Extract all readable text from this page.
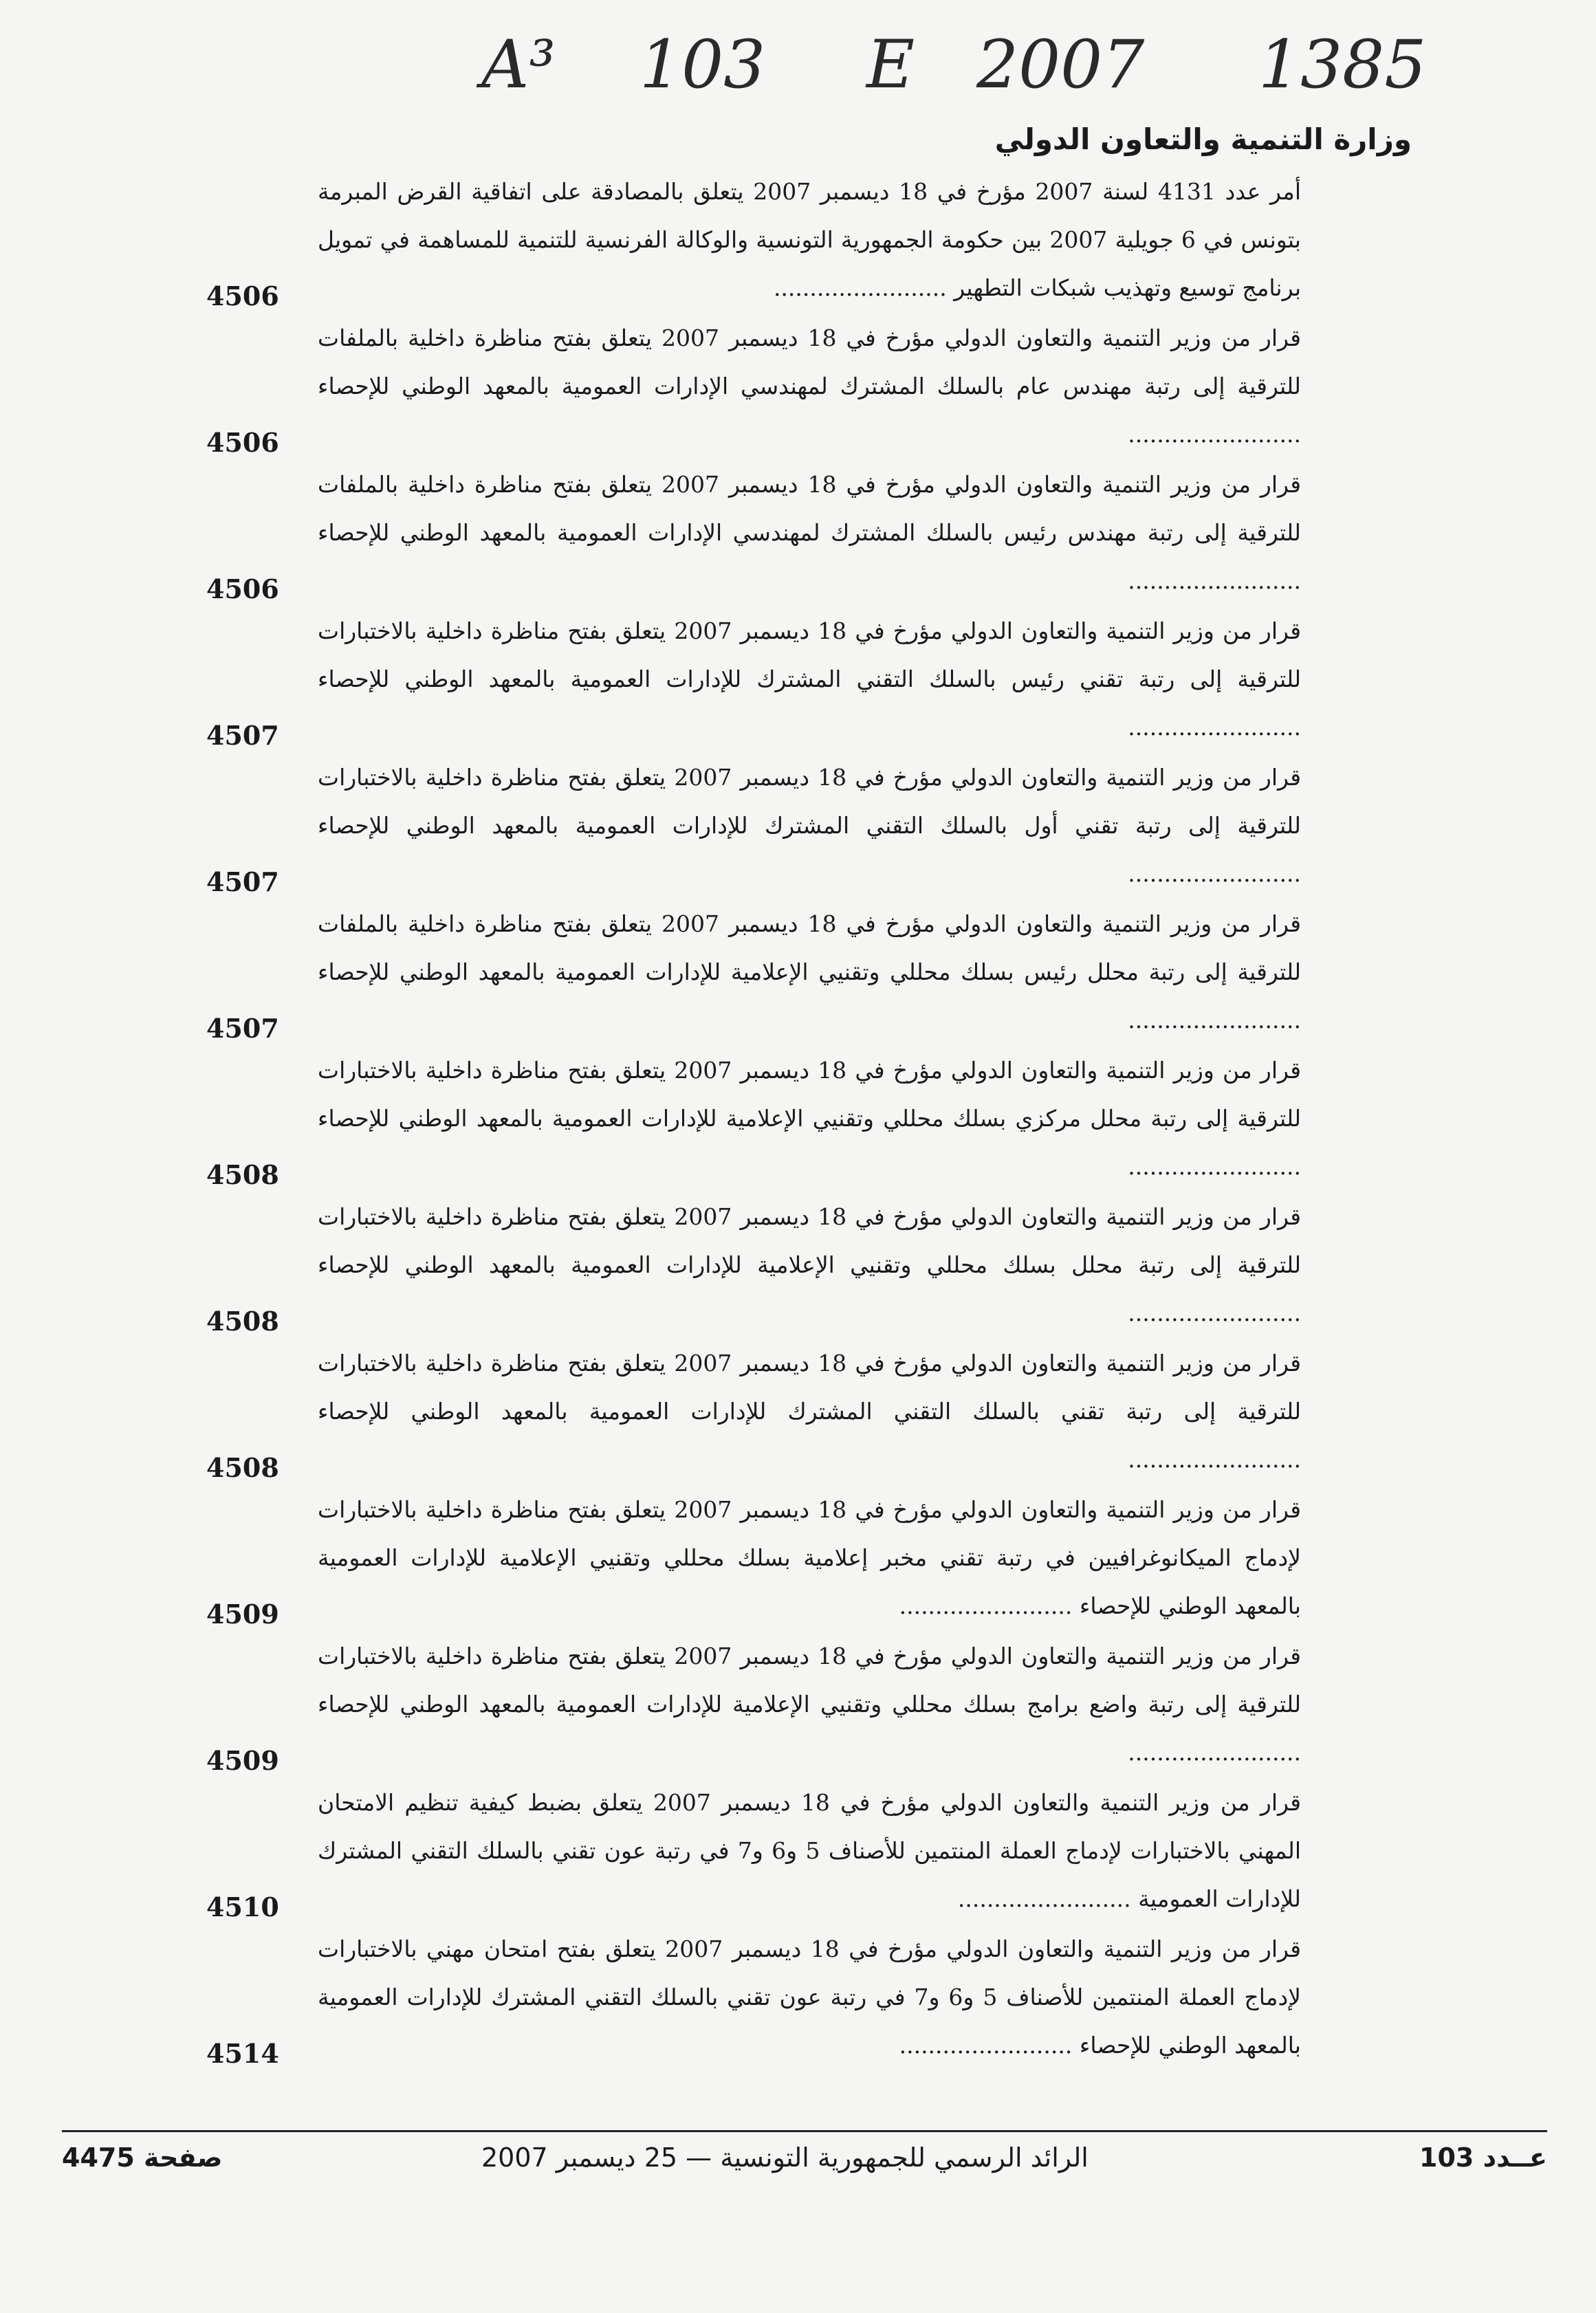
A³ 103 E 2007 1385
وزارة التنمية والتعاون الدولي
أمر عدد 4131 لسنة 2007 مؤرخ في 18 ديسمبر 2007 يتعلق بالمصادقة على اتفاقية القرض المبرمة بتونس في 6 جويلية 2007 بين حكومة الجمهورية التونسية والوكالة الفرنسية للتنمية للمساهمة في تمويل برنامج توسيع وتهذيب شبكات التطهير ........................
4506
قرار من وزير التنمية والتعاون الدولي مؤرخ في 18 ديسمبر 2007 يتعلق بفتح مناظرة داخلية بالملفات للترقية إلى رتبة مهندس عام بالسلك المشترك لمهندسي الإدارات العمومية بالمعهد الوطني للإحصاء ........................
4506
قرار من وزير التنمية والتعاون الدولي مؤرخ في 18 ديسمبر 2007 يتعلق بفتح مناظرة داخلية بالملفات للترقية إلى رتبة مهندس رئيس بالسلك المشترك لمهندسي الإدارات العمومية بالمعهد الوطني للإحصاء ........................
4506
قرار من وزير التنمية والتعاون الدولي مؤرخ في 18 ديسمبر 2007 يتعلق بفتح مناظرة داخلية بالاختبارات للترقية إلى رتبة تقني رئيس بالسلك التقني المشترك للإدارات العمومية بالمعهد الوطني للإحصاء ........................
4507
قرار من وزير التنمية والتعاون الدولي مؤرخ في 18 ديسمبر 2007 يتعلق بفتح مناظرة داخلية بالاختبارات للترقية إلى رتبة تقني أول بالسلك التقني المشترك للإدارات العمومية بالمعهد الوطني للإحصاء ........................
4507
قرار من وزير التنمية والتعاون الدولي مؤرخ في 18 ديسمبر 2007 يتعلق بفتح مناظرة داخلية بالملفات للترقية إلى رتبة محلل رئيس بسلك محللي وتقنيي الإعلامية للإدارات العمومية بالمعهد الوطني للإحصاء ........................
4507
قرار من وزير التنمية والتعاون الدولي مؤرخ في 18 ديسمبر 2007 يتعلق بفتح مناظرة داخلية بالاختبارات للترقية إلى رتبة محلل مركزي بسلك محللي وتقنيي الإعلامية للإدارات العمومية بالمعهد الوطني للإحصاء ........................
4508
قرار من وزير التنمية والتعاون الدولي مؤرخ في 18 ديسمبر 2007 يتعلق بفتح مناظرة داخلية بالاختبارات للترقية إلى رتبة محلل بسلك محللي وتقنيي الإعلامية للإدارات العمومية بالمعهد الوطني للإحصاء ........................
4508
قرار من وزير التنمية والتعاون الدولي مؤرخ في 18 ديسمبر 2007 يتعلق بفتح مناظرة داخلية بالاختبارات للترقية إلى رتبة تقني بالسلك التقني المشترك للإدارات العمومية بالمعهد الوطني للإحصاء ........................
4508
قرار من وزير التنمية والتعاون الدولي مؤرخ في 18 ديسمبر 2007 يتعلق بفتح مناظرة داخلية بالاختبارات لإدماج الميكانوغرافيين في رتبة تقني مخبر إعلامية بسلك محللي وتقنيي الإعلامية للإدارات العمومية بالمعهد الوطني للإحصاء ........................
4509
قرار من وزير التنمية والتعاون الدولي مؤرخ في 18 ديسمبر 2007 يتعلق بفتح مناظرة داخلية بالاختبارات للترقية إلى رتبة واضع برامج بسلك محللي وتقنيي الإعلامية للإدارات العمومية بالمعهد الوطني للإحصاء ........................
4509
قرار من وزير التنمية والتعاون الدولي مؤرخ في 18 ديسمبر 2007 يتعلق بضبط كيفية تنظيم الامتحان المهني بالاختبارات لإدماج العملة المنتمين للأصناف 5 و6 و7 في رتبة عون تقني بالسلك التقني المشترك للإدارات العمومية ........................
4510
قرار من وزير التنمية والتعاون الدولي مؤرخ في 18 ديسمبر 2007 يتعلق بفتح امتحان مهني بالاختبارات لإدماج العملة المنتمين للأصناف 5 و6 و7 في رتبة عون تقني بالسلك التقني المشترك للإدارات العمومية بالمعهد الوطني للإحصاء ........................
4514
عــدد 103
الرائد الرسمي للجمهورية التونسية — 25 ديسمبر 2007
صفحة 4475
